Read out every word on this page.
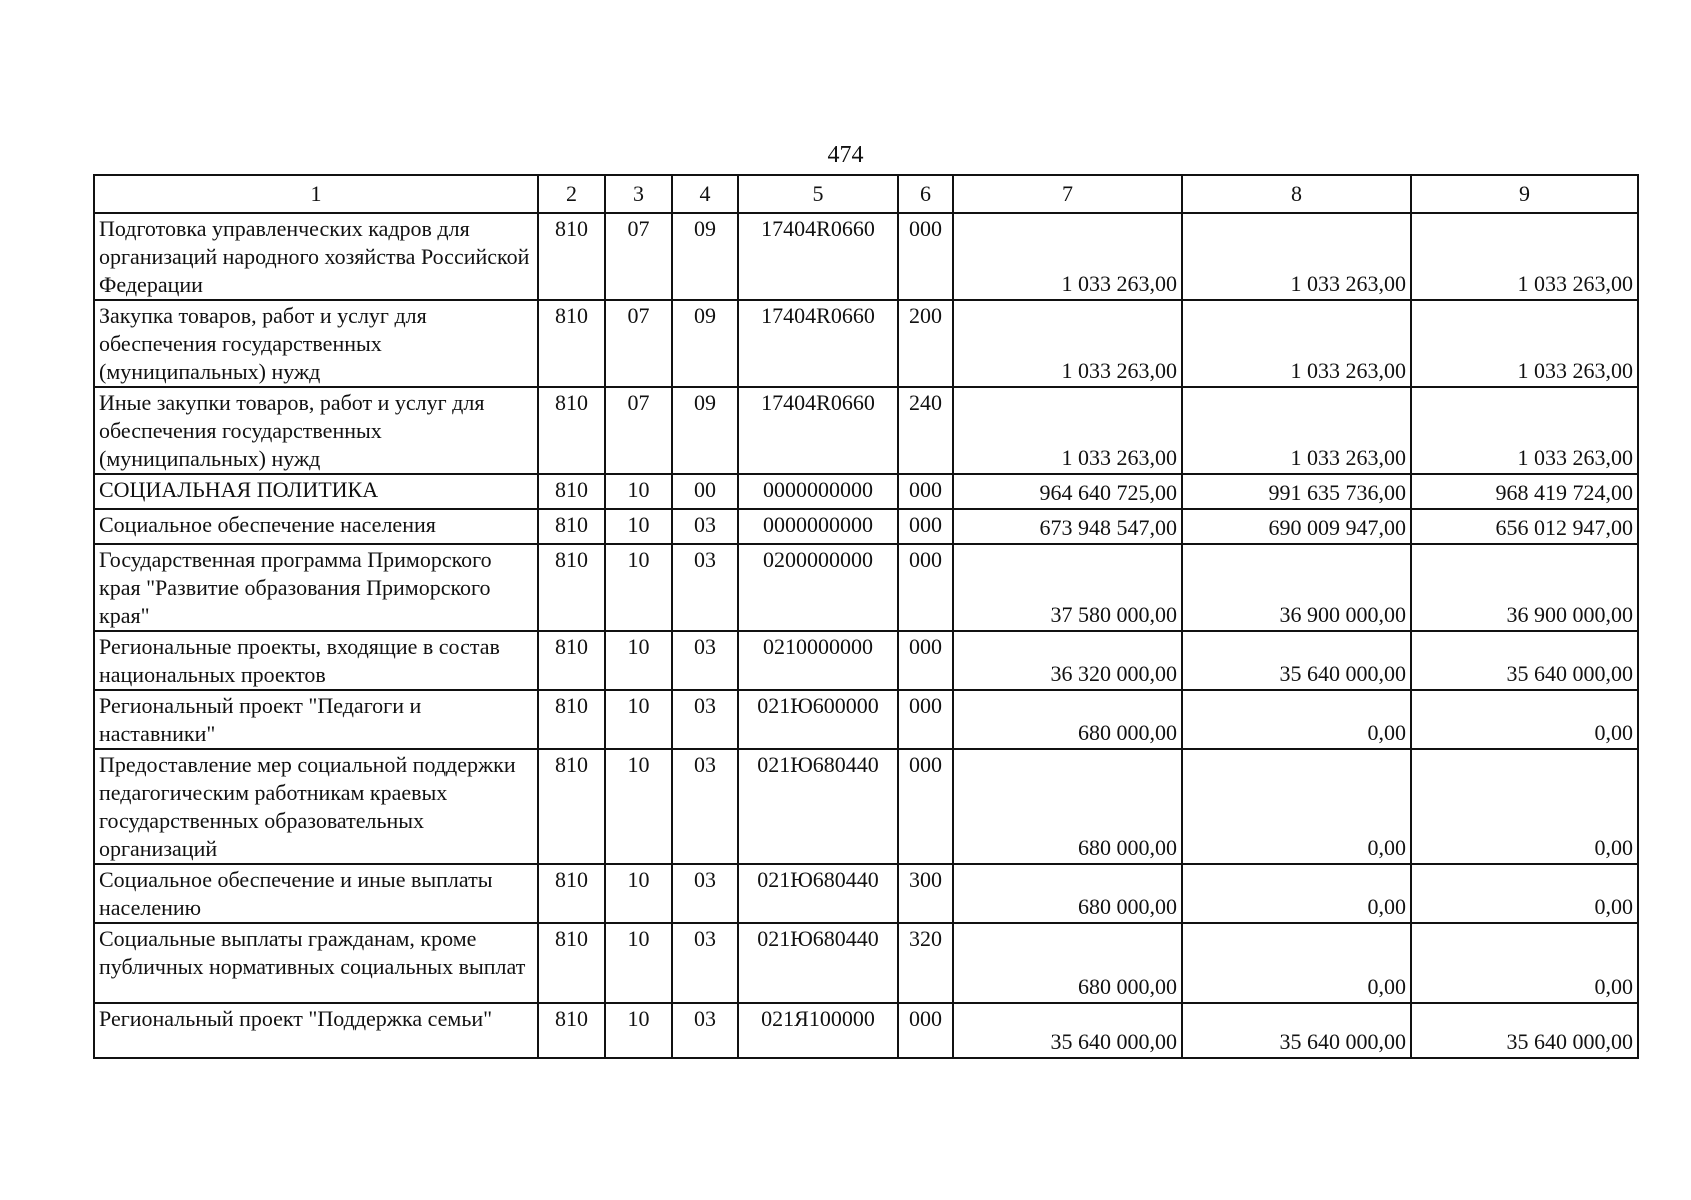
474
1	2	3	4	5	6	7	8	9
Подготовка управленческих кадров для организаций народного хозяйства Российской Федерации	810	07	09	17404R0660	000	1 033 263,00	1 033 263,00	1 033 263,00
Закупка товаров, работ и услуг для обеспечения государственных (муниципальных) нужд	810	07	09	17404R0660	200	1 033 263,00	1 033 263,00	1 033 263,00
Иные закупки товаров, работ и услуг для обеспечения государственных (муниципальных) нужд	810	07	09	17404R0660	240	1 033 263,00	1 033 263,00	1 033 263,00
СОЦИАЛЬНАЯ ПОЛИТИКА	810	10	00	0000000000	000	964 640 725,00	991 635 736,00	968 419 724,00
Социальное обеспечение населения	810	10	03	0000000000	000	673 948 547,00	690 009 947,00	656 012 947,00
Государственная программа Приморского края "Развитие образования Приморского края"	810	10	03	0200000000	000	37 580 000,00	36 900 000,00	36 900 000,00
Региональные проекты, входящие в состав национальных проектов	810	10	03	0210000000	000	36 320 000,00	35 640 000,00	35 640 000,00
Региональный проект "Педагоги и наставники"	810	10	03	021Ю600000	000	680 000,00	0,00	0,00
Предоставление мер социальной поддержки педагогическим работникам краевых государственных образовательных организаций	810	10	03	021Ю680440	000	680 000,00	0,00	0,00
Социальное обеспечение и иные выплаты населению	810	10	03	021Ю680440	300	680 000,00	0,00	0,00
Социальные выплаты гражданам, кроме публичных нормативных социальных выплат	810	10	03	021Ю680440	320	680 000,00	0,00	0,00
Региональный проект "Поддержка семьи"	810	10	03	021Я100000	000	35 640 000,00	35 640 000,00	35 640 000,00
